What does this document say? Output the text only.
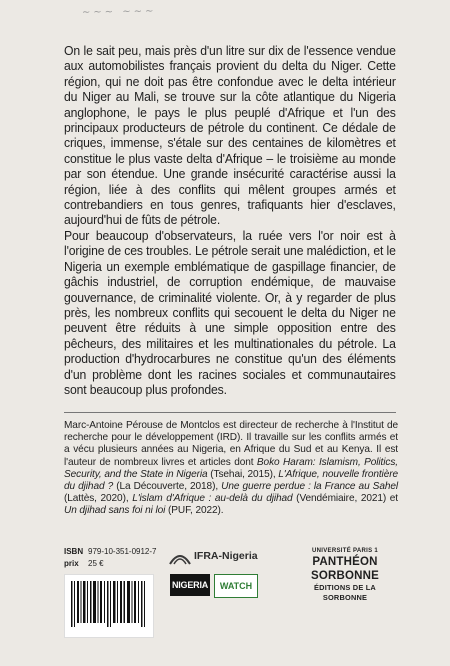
~~~ ~~~

On le sait peu, mais près d'un litre sur dix de l'essence vendue aux automobilistes français provient du delta du Niger. Cette région, qui ne doit pas être confondue avec le delta intérieur du Niger au Mali, se trouve sur la côte atlantique du Nigeria anglophone, le pays le plus peuplé d'Afrique et l'un des principaux producteurs de pétrole du continent. Ce dédale de criques, immense, s'étale sur des centaines de kilomètres et constitue le plus vaste delta d'Afrique – le troisième au monde par son étendue. Une grande insécurité caractérise aussi la région, liée à des conflits qui mêlent groupes armés et contrebandiers en tous genres, trafiquants hier d'esclaves, aujourd'hui de fûts de pétrole.

Pour beaucoup d'observateurs, la ruée vers l'or noir est à l'origine de ces troubles. Le pétrole serait une malédiction, et le Nigeria un exemple emblématique de gaspillage financier, de gâchis industriel, de corruption endémique, de mauvaise gouvernance, de criminalité violente. Or, à y regarder de plus près, les nombreux conflits qui secouent le delta du Niger ne peuvent être réduits à une simple opposition entre des pêcheurs, des militaires et les multinationales du pétrole. La production d'hydrocarbures ne constitue qu'un des éléments d'un problème dont les racines sociales et communautaires sont beaucoup plus profondes.

Marc-Antoine Pérouse de Montclos est directeur de recherche à l'Institut de recherche pour le développement (IRD). Il travaille sur les conflits armés et a vécu plusieurs années au Nigeria, en Afrique du Sud et au Kenya. Il est l'auteur de nombreux livres et articles dont Boko Haram: Islamism, Politics, Security, and the State in Nigeria (Tsehai, 2015), L'Afrique, nouvelle frontière du djihad ? (La Découverte, 2018), Une guerre perdue : la France au Sahel (Lattès, 2020), L'islam d'Afrique : au-delà du djihad (Vendémiaire, 2021) et Un djihad sans foi ni loi (PUF, 2022).
ISBN 979-10-351-0912-7
prix	25 €
IFRA-Nigeria
NIGERIA	WATCH
UNIVERSITÉ PARIS 1
PANTHÉON SORBONNE
ÉDITIONS DE LA SORBONNE
